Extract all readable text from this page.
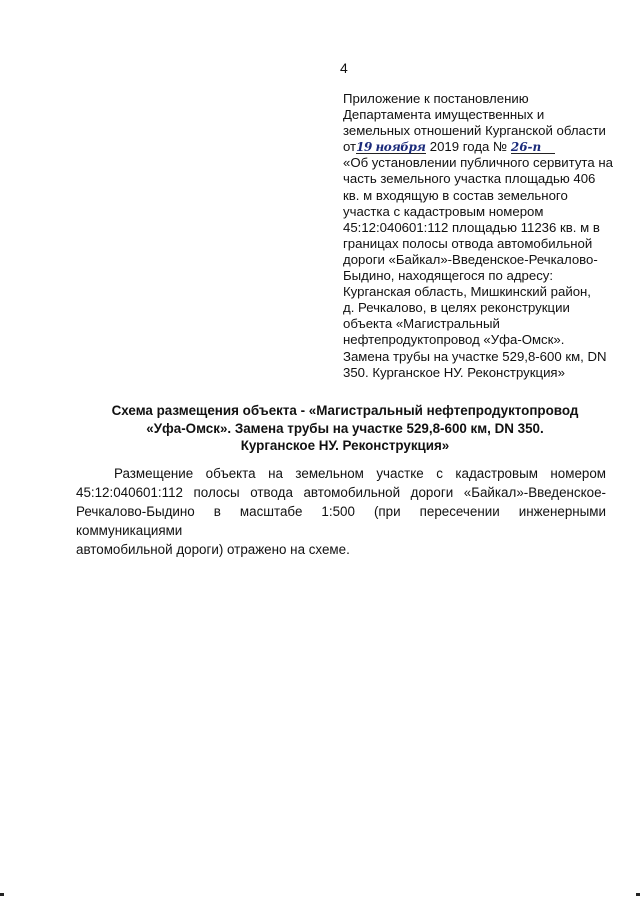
4
Приложение к постановлению
Департамента имущественных и
земельных отношений Курганской области
от19 ноября 2019 года № 26-п
«Об установлении публичного сервитута на
часть земельного участка площадью 406
кв. м входящую в состав земельного
участка с кадастровым номером
45:12:040601:112 площадью 11236 кв. м в
границах полосы отвода автомобильной
дороги «Байкал»-Введенское-Речкалово-
Быдино, находящегося по адресу:
Курганская область, Мишкинский район,
д. Речкалово, в целях реконструкции
объекта «Магистральный
нефтепродуктопровод «Уфа-Омск».
Замена трубы на участке 529,8-600 км, DN
350. Курганское НУ. Реконструкция»
Схема размещения объекта - «Магистральный нефтепродуктопровод
«Уфа-Омск». Замена трубы на участке 529,8-600 км, DN 350.
Курганское НУ. Реконструкция»
Размещение объекта на земельном участке с кадастровым номером
45:12:040601:112 полосы отвода автомобильной дороги «Байкал»-Введенское-
Речкалово-Быдино в масштабе 1:500 (при пересечении инженерными коммуникациями
автомобильной дороги) отражено на схеме.
